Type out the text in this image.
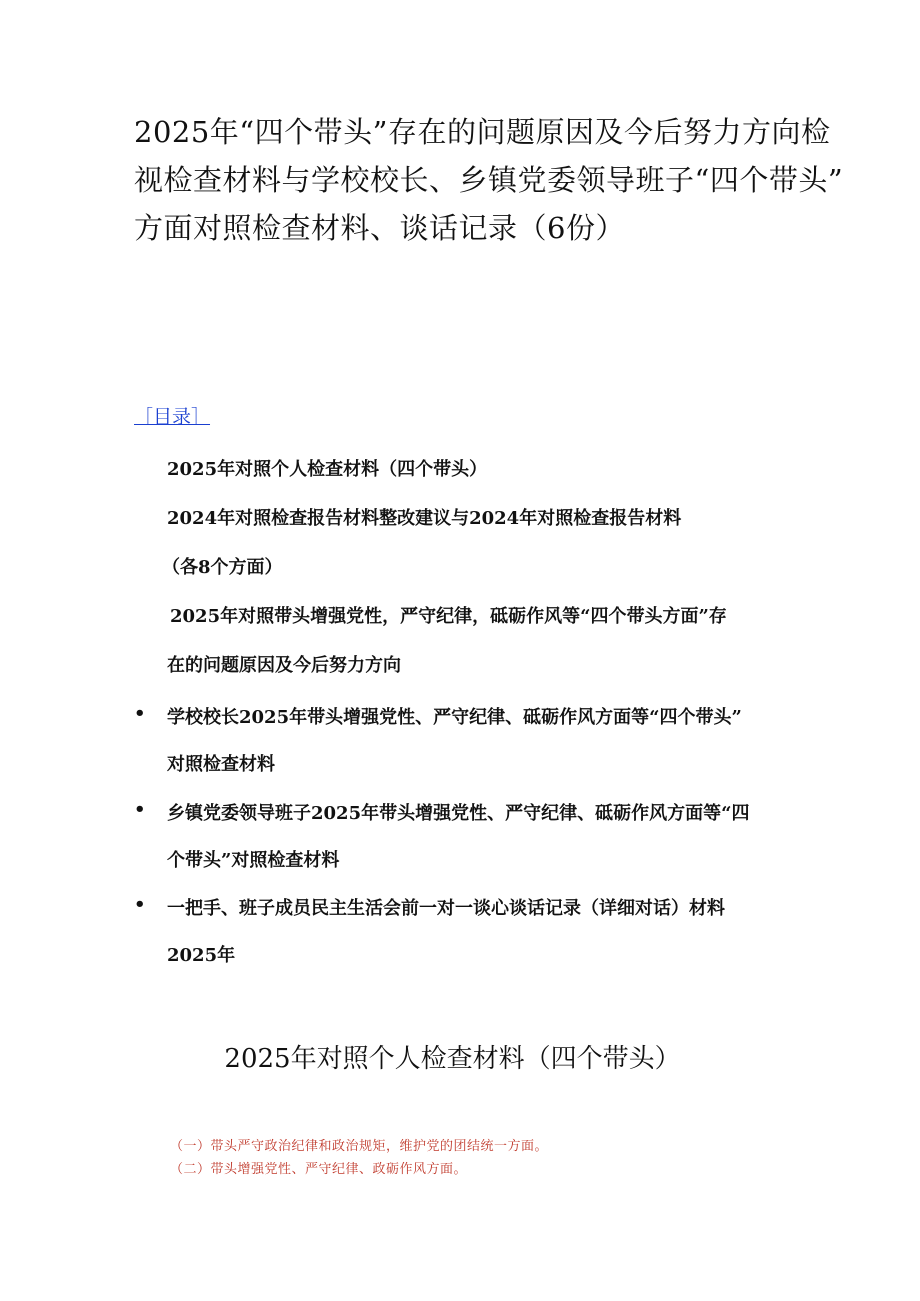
2025年“四个带头”存在的问题原因及今后努力方向检
视检查材料与学校校长、乡镇党委领导班子“四个带头”
方面对照检查材料、谈话记录（6份）
［目录］
2025年对照个人检查材料（四个带头）
2024年对照检查报告材料整改建议与2024年对照检查报告材料
（各8个方面）
2025年对照带头增强党性，严守纪律，砥砺作风等“四个带头方面”存
在的问题原因及今后努力方向
• 学校校长2025年带头增强党性、严守纪律、砥砺作风方面等“四个带头”
对照检查材料
• 乡镇党委领导班子2025年带头增强党性、严守纪律、砥砺作风方面等“四
个带头”对照检查材料
• 一把手、班子成员民主生活会前一对一谈心谈话记录（详细对话）材料
2025年
2025年对照个人检查材料（四个带头）
（一）带头严守政治纪律和政治规矩，维护党的团结统一方面。
（二）带头增强党性、严守纪律、政砺作风方面。
